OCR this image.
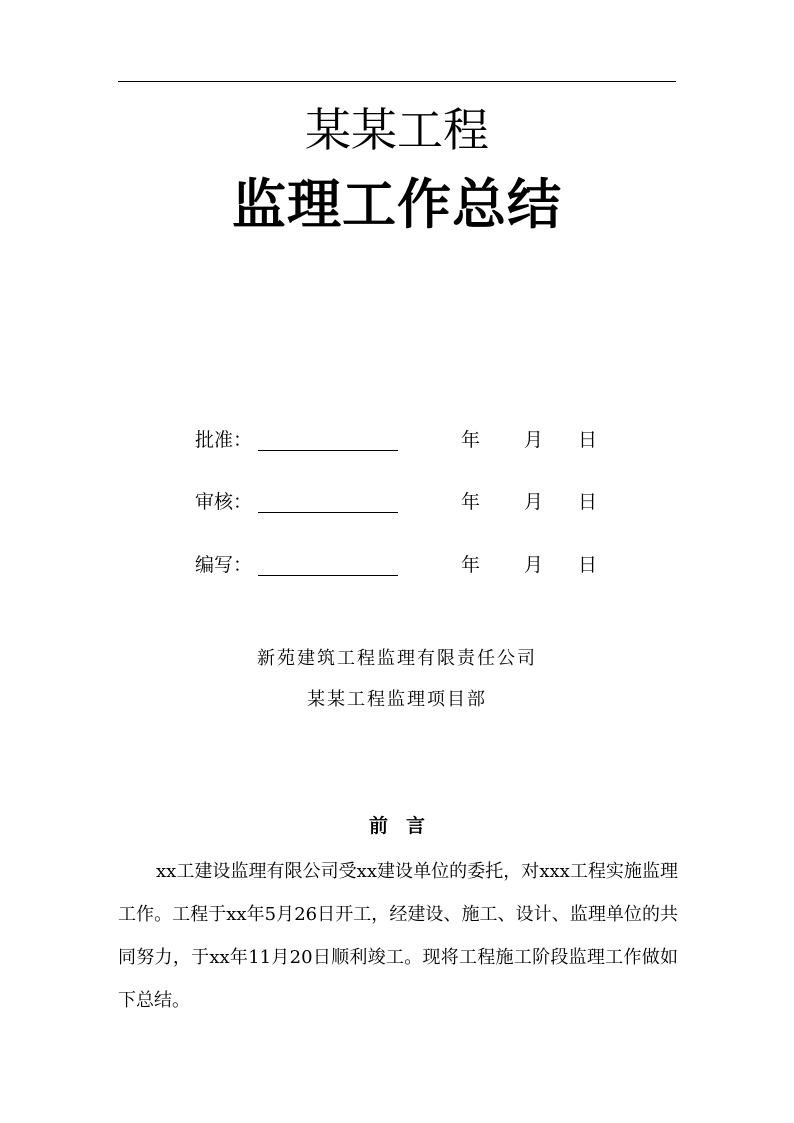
某某工程
监理工作总结
批准：	年 月 日
审核：	年 月 日
编写：	年 月 日
新苑建筑工程监理有限责任公司
某某工程监理项目部
前言

xx工建设监理有限公司受xx建设单位的委托，对xxx工程实施监理工作。工程于xx年5月26日开工，经建设、施工、设计、监理单位的共同努力，于xx年11月20日顺利竣工。现将工程施工阶段监理工作做如下总结。
